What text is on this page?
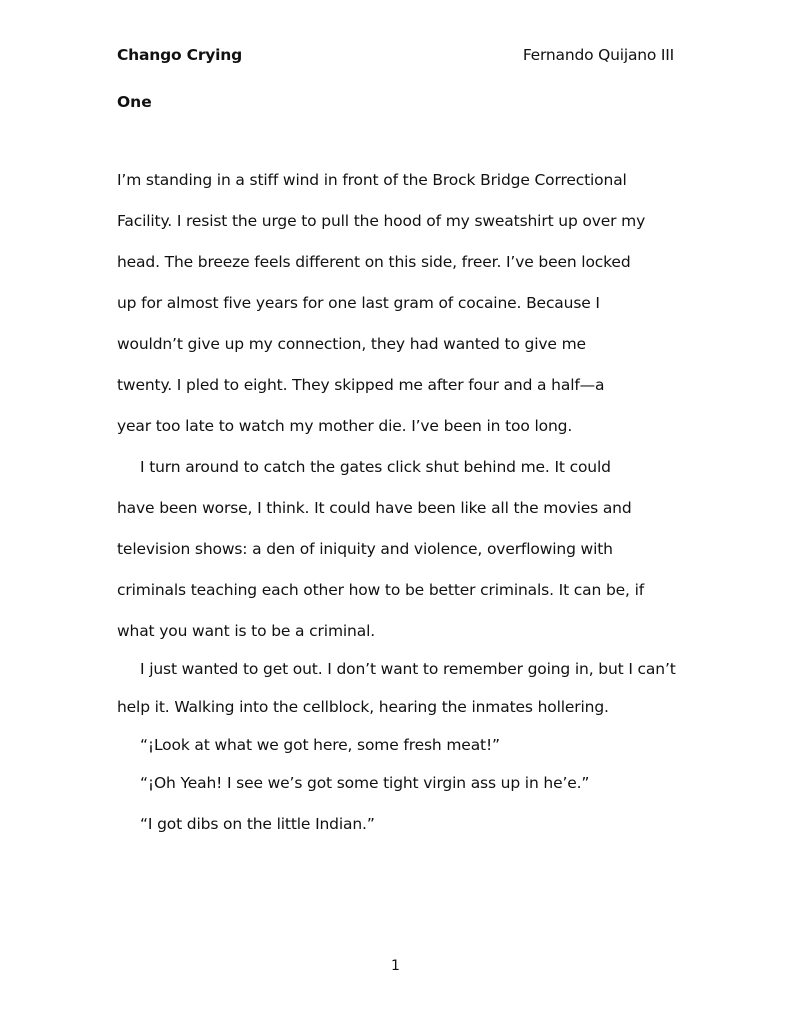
Chango Crying	Fernando Quijano III
One
I’m standing in a stiff wind in front of the Brock Bridge Correctional
Facility. I resist the urge to pull the hood of my sweatshirt up over my
head. The breeze feels different on this side, freer. I’ve been locked
up for almost five years for one last gram of cocaine. Because I
wouldn’t give up my connection, they had wanted to give me
twenty. I pled to eight. They skipped me after four and a half—a
year too late to watch my mother die. I’ve been in too long.
I turn around to catch the gates click shut behind me. It could
have been worse, I think. It could have been like all the movies and
television shows: a den of iniquity and violence, overflowing with
criminals teaching each other how to be better criminals. It can be, if
what you want is to be a criminal.
I just wanted to get out. I don’t want to remember going in, but I can’t
help it. Walking into the cellblock, hearing the inmates hollering.
“¡Look at what we got here, some fresh meat!”
“¡Oh Yeah! I see we’s got some tight virgin ass up in he’e.”
“I got dibs on the little Indian.”
1
